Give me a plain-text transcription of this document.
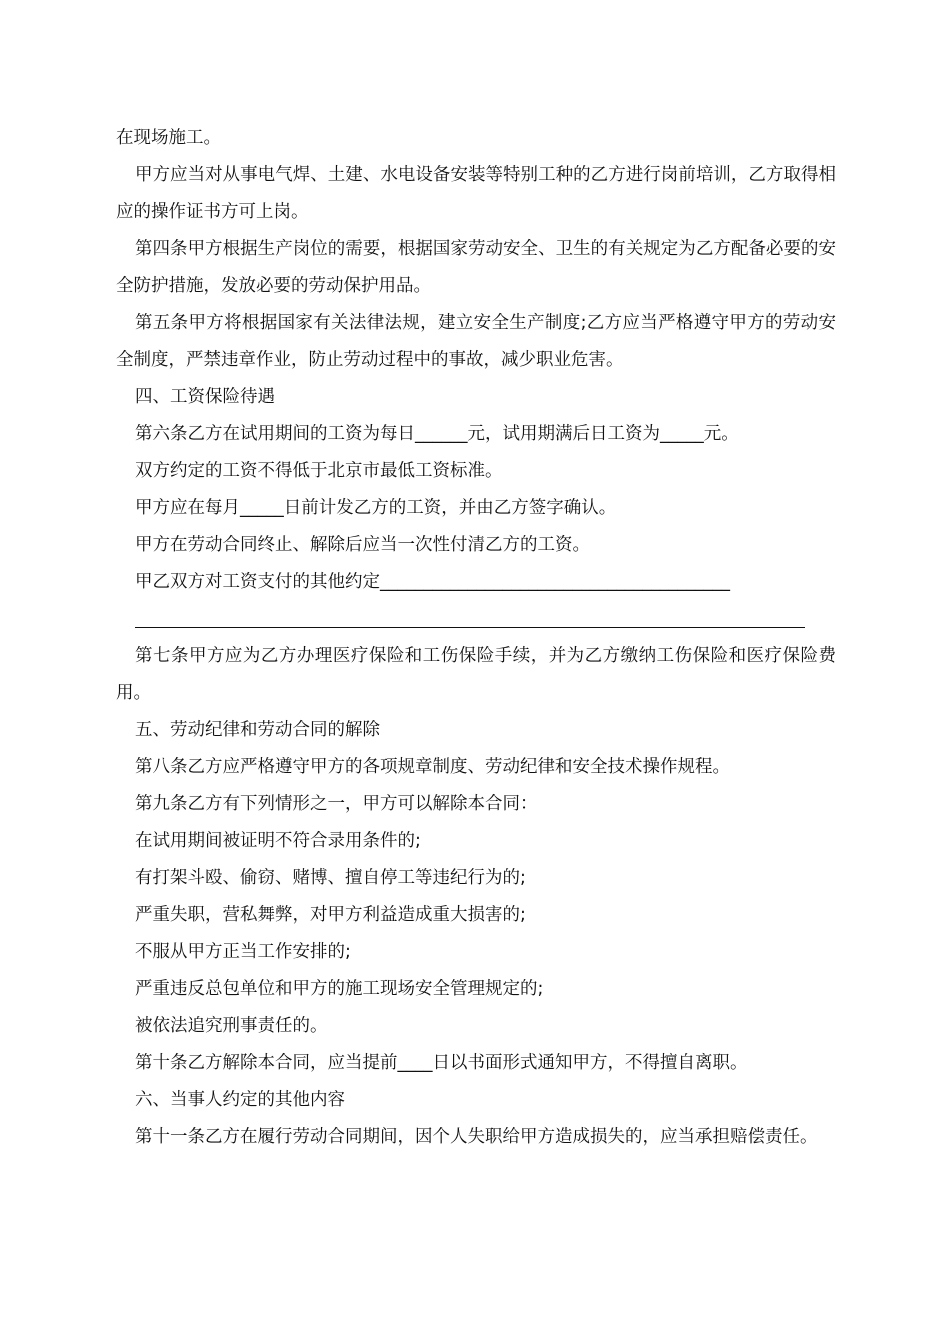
在现场施工。

甲方应当对从事电气焊、土建、水电设备安装等特别工种的乙方进行岗前培训，乙方取得相应的操作证书方可上岗。

第四条甲方根据生产岗位的需要，根据国家劳动安全、卫生的有关规定为乙方配备必要的安全防护措施，发放必要的劳动保护用品。

第五条甲方将根据国家有关法律法规，建立安全生产制度;乙方应当严格遵守甲方的劳动安全制度，严禁违章作业，防止劳动过程中的事故，减少职业危害。

四、工资保险待遇

第六条乙方在试用期间的工资为每日______元，试用期满后日工资为_____元。

双方约定的工资不得低于北京市最低工资标准。

甲方应在每月_____日前计发乙方的工资，并由乙方签字确认。

甲方在劳动合同终止、解除后应当一次性付清乙方的工资。

甲乙双方对工资支付的其他约定________________________________________

第七条甲方应为乙方办理医疗保险和工伤保险手续，并为乙方缴纳工伤保险和医疗保险费用。

五、劳动纪律和劳动合同的解除

第八条乙方应严格遵守甲方的各项规章制度、劳动纪律和安全技术操作规程。

第九条乙方有下列情形之一，甲方可以解除本合同：

在试用期间被证明不符合录用条件的;

有打架斗殴、偷窃、赌博、擅自停工等违纪行为的;

严重失职，营私舞弊，对甲方利益造成重大损害的;

不服从甲方正当工作安排的;

严重违反总包单位和甲方的施工现场安全管理规定的;

被依法追究刑事责任的。

第十条乙方解除本合同，应当提前____日以书面形式通知甲方，不得擅自离职。

六、当事人约定的其他内容

第十一条乙方在履行劳动合同期间，因个人失职给甲方造成损失的，应当承担赔偿责任。
